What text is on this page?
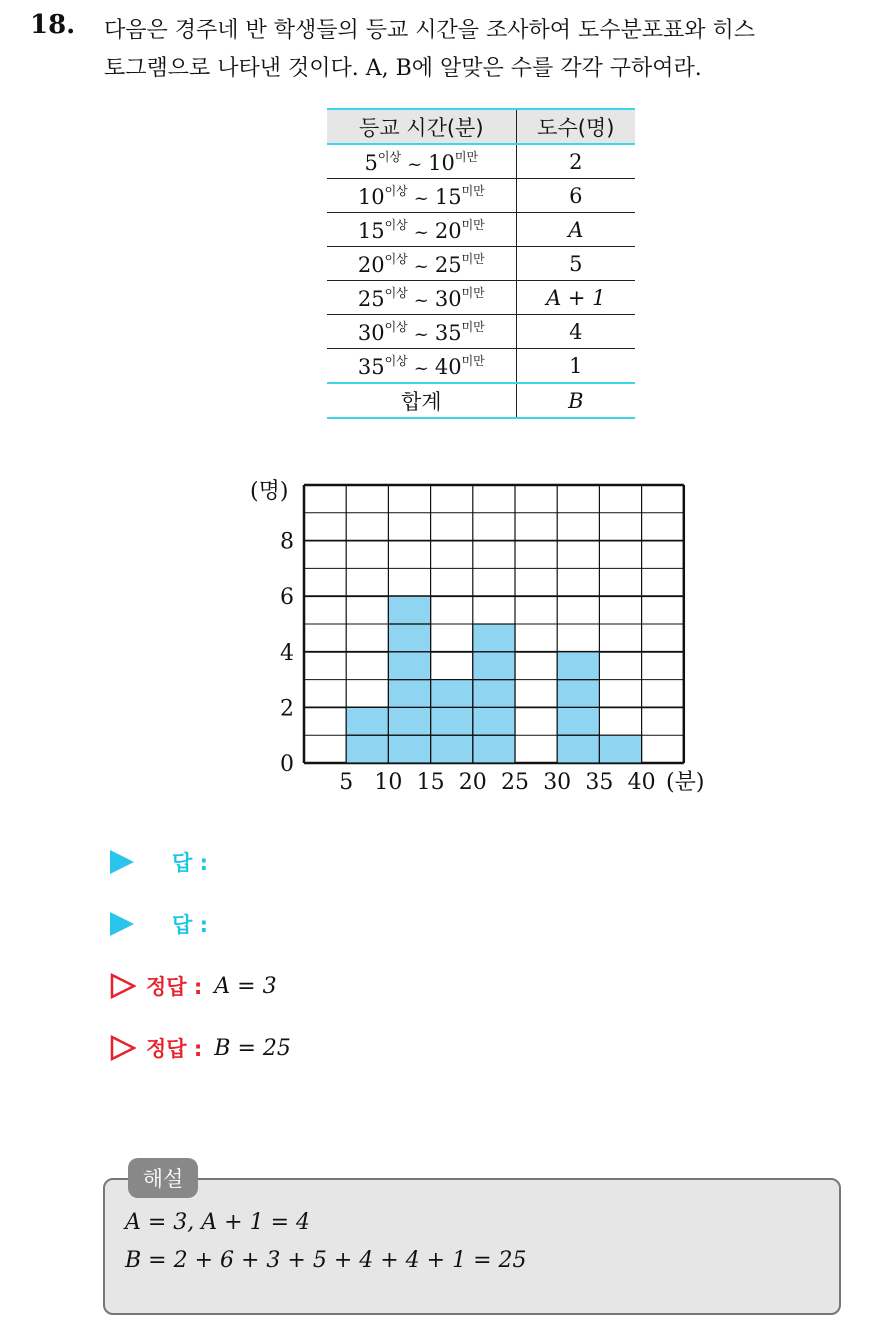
18. 다음은 경주네 반 학생들의 등교 시간을 조사하여 도수분포표와 히스
토그램으로 나타낸 것이다. A, B에 알맞은 수를 각각 구하여라.
등교 시간(분)	도수(명)
$5^{이상}$ ~ $10^{미만}$	2
$10^{이상}$ ~ $15^{미만}$	6
$15^{이상}$ ~ $20^{미만}$	A
$20^{이상}$ ~ $25^{미만}$	5
$25^{이상}$ ~ $30^{미만}$	A + 1
$30^{이상}$ ~ $35^{미만}$	4
$35^{이상}$ ~ $40^{미만}$	1
합계	B
0
2
4
6
8
5 10 15 20 25 30 35 40
(명)
(분)
답 :
답 :
정답 : A = 3
정답 : B = 25
해설
A = 3, A + 1 = 4
B = 2 + 6 + 3 + 5 + 4 + 4 + 1 = 25
